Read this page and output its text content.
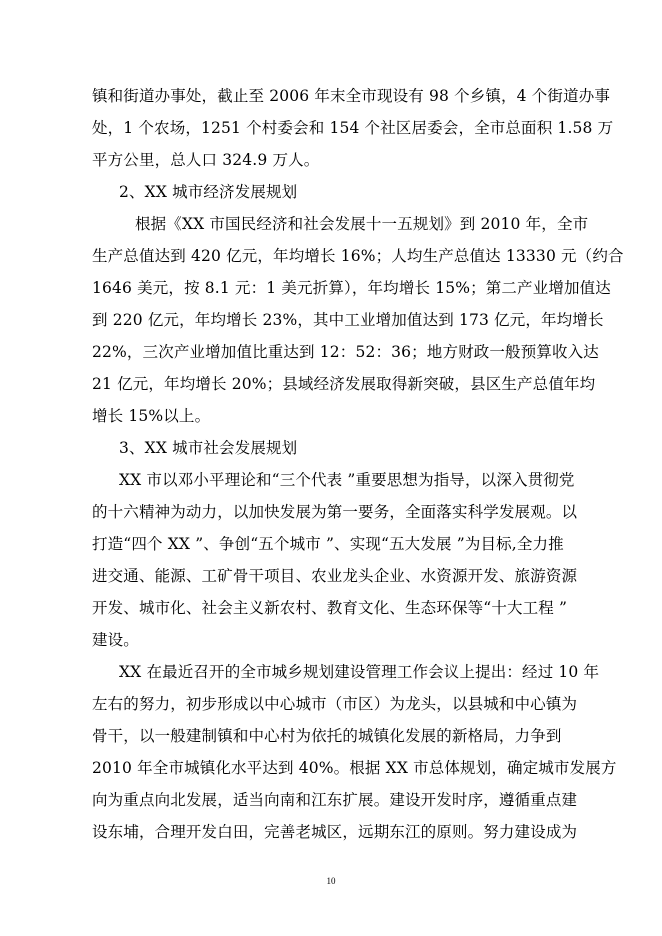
镇和街道办事处，截止至 2006 年末全市现设有 98 个乡镇，4 个街道办事
处，1 个农场，1251 个村委会和 154 个社区居委会，全市总面积 1.58 万
平方公里，总人口 324.9 万人。
2、XX 城市经济发展规划
根据《XX 市国民经济和社会发展十一五规划》到 2010 年，全市
生产总值达到 420 亿元，年均增长 16%；人均生产总值达 13330 元（约合
1646 美元，按 8.1 元：1 美元折算），年均增长 15%；第二产业增加值达
到 220 亿元，年均增长 23%，其中工业增加值达到 173 亿元，年均增长
22%，三次产业增加值比重达到 12：52：36；地方财政一般预算收入达
21 亿元，年均增长 20%；县域经济发展取得新突破，县区生产总值年均
增长 15%以上。
3、XX 城市社会发展规划
XX 市以邓小平理论和“三个代表 ”重要思想为指导，以深入贯彻党
的十六精神为动力，以加快发展为第一要务，全面落实科学发展观。以
打造“四个 XX ”、争创“五个城市 ”、实现“五大发展 ”为目标,全力推
进交通、能源、工矿骨干项目、农业龙头企业、水资源开发、旅游资源
开发、城市化、社会主义新农村、教育文化、生态环保等“十大工程 ”
建设。
XX 在最近召开的全市城乡规划建设管理工作会议上提出：经过 10 年
左右的努力，初步形成以中心城市（市区）为龙头，以县城和中心镇为
骨干，以一般建制镇和中心村为依托的城镇化发展的新格局，力争到
2010 年全市城镇化水平达到 40%。根据 XX 市总体规划，确定城市发展方
向为重点向北发展，适当向南和江东扩展。建设开发时序，遵循重点建
设东埔，合理开发白田，完善老城区，远期东江的原则。努力建设成为
10
